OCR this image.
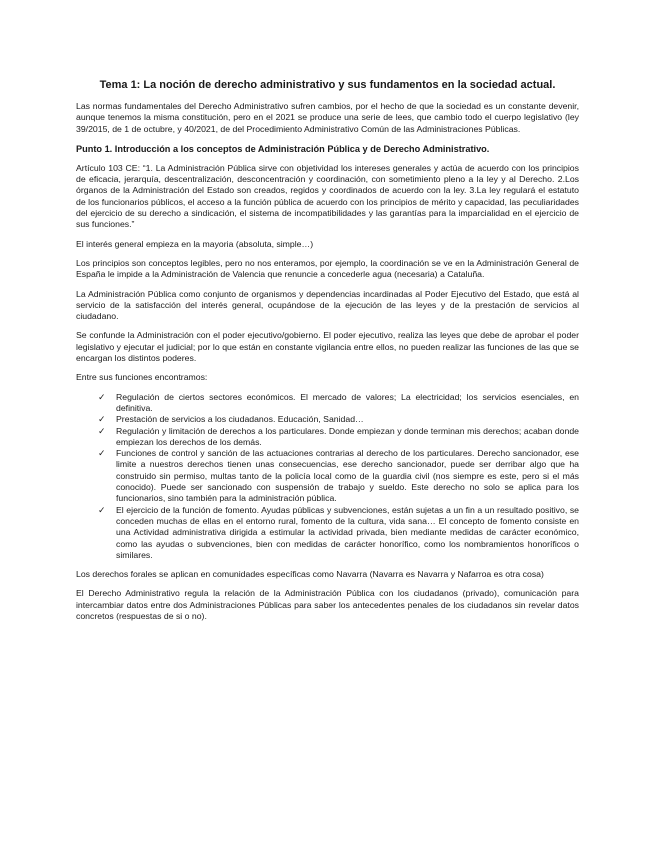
Tema 1: La noción de derecho administrativo y sus fundamentos en la sociedad actual.

Las normas fundamentales del Derecho Administrativo sufren cambios, por el hecho de que la sociedad es un constante devenir, aunque tenemos la misma constitución, pero en el 2021 se produce una serie de lees, que cambio todo el cuerpo legislativo (ley 39/2015, de 1 de octubre, y 40/2021, de del Procedimiento Administrativo Común de las Administraciones Públicas.

Punto 1. Introducción a los conceptos de Administración Pública y de Derecho Administrativo.

Artículo 103 CE: “1. La Administración Pública sirve con objetividad los intereses generales y actúa de acuerdo con los principios de eficacia, jerarquía, descentralización, desconcentración y coordinación, con sometimiento pleno a la ley y al Derecho. 2.Los órganos de la Administración del Estado son creados, regidos y coordinados de acuerdo con la ley. 3.La ley regulará el estatuto de los funcionarios públicos, el acceso a la función pública de acuerdo con los principios de mérito y capacidad, las peculiaridades del ejercicio de su derecho a sindicación, el sistema de incompatibilidades y las garantías para la imparcialidad en el ejercicio de sus funciones.”

El interés general empieza en la mayoria (absoluta, simple…)

Los principios son conceptos legibles, pero no nos enteramos, por ejemplo, la coordinación se ve en la Administración General de España le impide a la Administración de Valencia que renuncie a concederle agua (necesaria) a Cataluña.

La Administración Pública como conjunto de organismos y dependencias incardinadas al Poder Ejecutivo del Estado, que está al servicio de la satisfacción del interés general, ocupándose de la ejecución de las leyes y de la prestación de servicios al ciudadano.

Se confunde la Administración con el poder ejecutivo/gobierno. El poder ejecutivo, realiza las leyes que debe de aprobar el poder legislativo y ejecutar el judicial; por lo que están en constante vigilancia entre ellos, no pueden realizar las funciones de las que se encargan los distintos poderes.

Entre sus funciones encontramos:

✓ Regulación de ciertos sectores económicos. El mercado de valores; La electricidad; los servicios esenciales, en definitiva.
✓ Prestación de servicios a los ciudadanos. Educación, Sanidad…
✓ Regulación y limitación de derechos a los particulares. Donde empiezan y donde terminan mis derechos; acaban donde empiezan los derechos de los demás.
✓ Funciones de control y sanción de las actuaciones contrarias al derecho de los particulares. Derecho sancionador, ese limite a nuestros derechos tienen unas consecuencias, ese derecho sancionador, puede ser derribar algo que ha construido sin permiso, multas tanto de la policía local como de la guardia civil (nos siempre es este, pero si el más conocido). Puede ser sancionado con suspensión de trabajo y sueldo. Este derecho no solo se aplica para los funcionarios, sino también para la administración pública.
✓ El ejercicio de la función de fomento. Ayudas públicas y subvenciones, están sujetas a un fin a un resultado positivo, se conceden muchas de ellas en el entorno rural, fomento de la cultura, vida sana… El concepto de fomento consiste en una Actividad administrativa dirigida a estimular la actividad privada, bien mediante medidas de carácter económico, como las ayudas o subvenciones, bien con medidas de carácter honorífico, como los nombramientos honoríficos o similares.

Los derechos forales se aplican en comunidades específicas como Navarra (Navarra es Navarra y Nafarroa es otra cosa)

El Derecho Administrativo regula la relación de la Administración Pública con los ciudadanos (privado), comunicación para intercambiar datos entre dos Administraciones Públicas para saber los antecedentes penales de los ciudadanos sin revelar datos concretos (respuestas de si o no).
